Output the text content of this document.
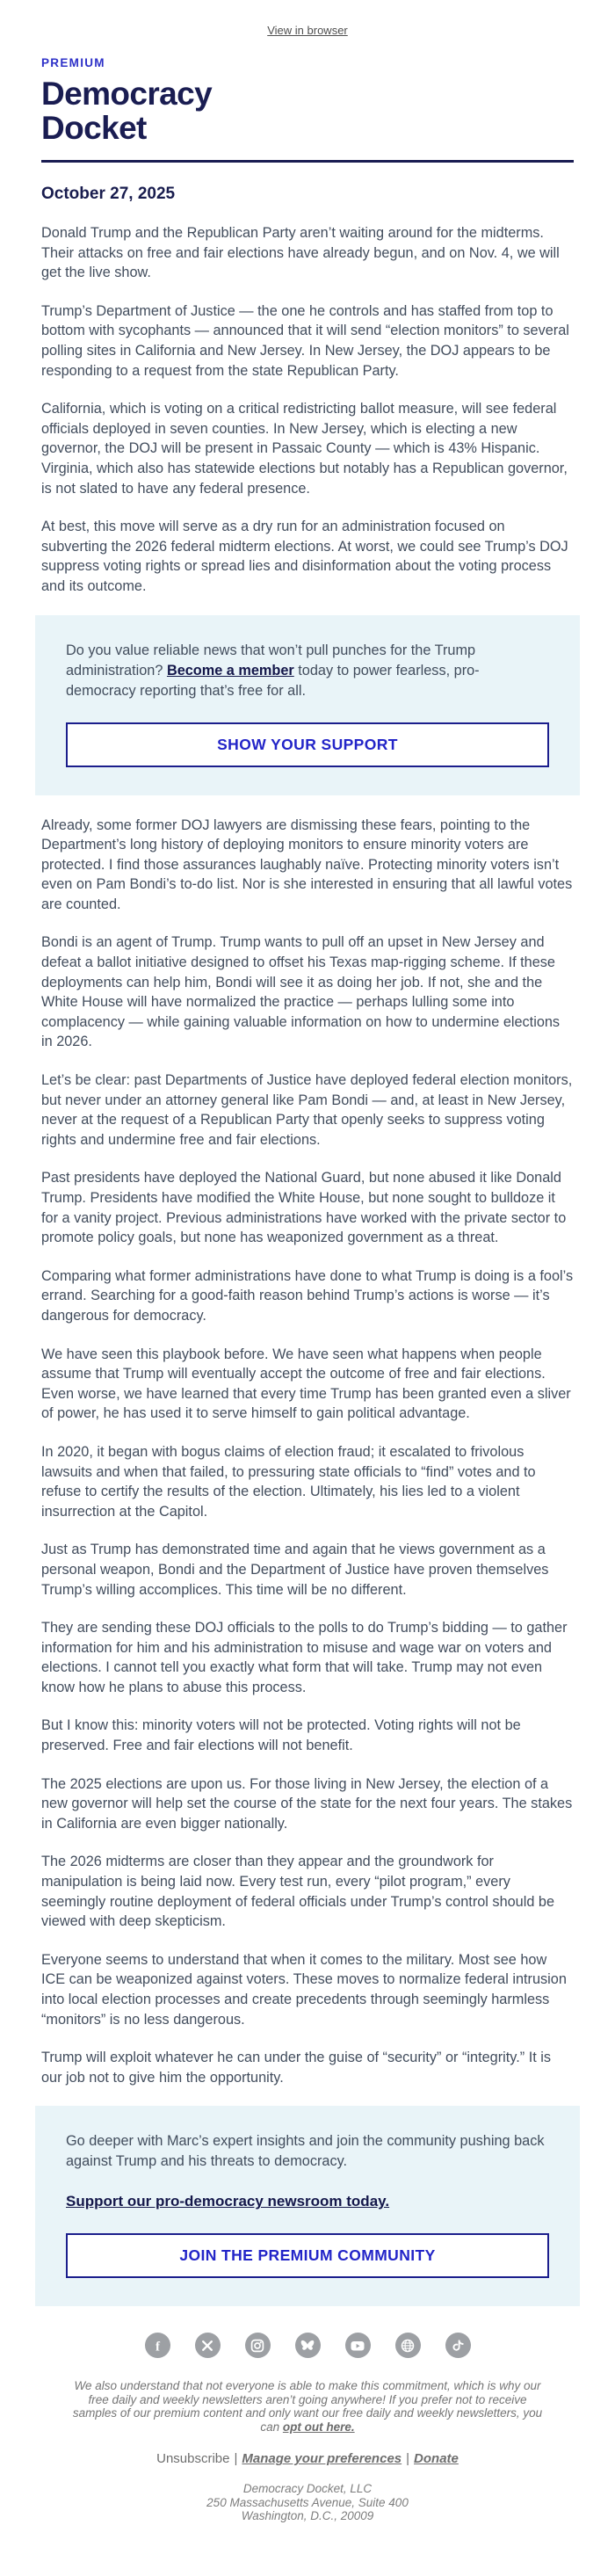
View in browser
PREMIUM
Democracy
Docket
October 27, 2025

Donald Trump and the Republican Party aren’t waiting around for the midterms. Their attacks on free and fair elections have already begun, and on Nov. 4, we will get the live show.

Trump’s Department of Justice — the one he controls and has staffed from top to bottom with sycophants — announced that it will send “election monitors” to several polling sites in California and New Jersey. In New Jersey, the DOJ appears to be responding to a request from the state Republican Party.

California, which is voting on a critical redistricting ballot measure, will see federal officials deployed in seven counties. In New Jersey, which is electing a new governor, the DOJ will be present in Passaic County — which is 43% Hispanic. Virginia, which also has statewide elections but notably has a Republican governor, is not slated to have any federal presence.

At best, this move will serve as a dry run for an administration focused on subverting the 2026 federal midterm elections. At worst, we could see Trump’s DOJ suppress voting rights or spread lies and disinformation about the voting process and its outcome.

Do you value reliable news that won’t pull punches for the Trump administration? Become a member today to power fearless, pro-democracy reporting that’s free for all.

SHOW YOUR SUPPORT

Already, some former DOJ lawyers are dismissing these fears, pointing to the Department’s long history of deploying monitors to ensure minority voters are protected. I find those assurances laughably naïve. Protecting minority voters isn’t even on Pam Bondi’s to-do list. Nor is she interested in ensuring that all lawful votes are counted.

Bondi is an agent of Trump. Trump wants to pull off an upset in New Jersey and defeat a ballot initiative designed to offset his Texas map-rigging scheme. If these deployments can help him, Bondi will see it as doing her job. If not, she and the White House will have normalized the practice — perhaps lulling some into complacency — while gaining valuable information on how to undermine elections in 2026.

Let’s be clear: past Departments of Justice have deployed federal election monitors, but never under an attorney general like Pam Bondi — and, at least in New Jersey, never at the request of a Republican Party that openly seeks to suppress voting rights and undermine free and fair elections.

Past presidents have deployed the National Guard, but none abused it like Donald Trump. Presidents have modified the White House, but none sought to bulldoze it for a vanity project. Previous administrations have worked with the private sector to promote policy goals, but none has weaponized government as a threat.

Comparing what former administrations have done to what Trump is doing is a fool’s errand. Searching for a good-faith reason behind Trump’s actions is worse — it’s dangerous for democracy.

We have seen this playbook before. We have seen what happens when people assume that Trump will eventually accept the outcome of free and fair elections. Even worse, we have learned that every time Trump has been granted even a sliver of power, he has used it to serve himself to gain political advantage.

In 2020, it began with bogus claims of election fraud; it escalated to frivolous lawsuits and when that failed, to pressuring state officials to “find” votes and to refuse to certify the results of the election. Ultimately, his lies led to a violent insurrection at the Capitol.

Just as Trump has demonstrated time and again that he views government as a personal weapon, Bondi and the Department of Justice have proven themselves Trump’s willing accomplices. This time will be no different.

They are sending these DOJ officials to the polls to do Trump’s bidding — to gather information for him and his administration to misuse and wage war on voters and elections. I cannot tell you exactly what form that will take. Trump may not even know how he plans to abuse this process.

But I know this: minority voters will not be protected. Voting rights will not be preserved. Free and fair elections will not benefit.

The 2025 elections are upon us. For those living in New Jersey, the election of a new governor will help set the course of the state for the next four years. The stakes in California are even bigger nationally.

The 2026 midterms are closer than they appear and the groundwork for manipulation is being laid now. Every test run, every “pilot program,” every seemingly routine deployment of federal officials under Trump’s control should be viewed with deep skepticism.

Everyone seems to understand that when it comes to the military. Most see how ICE can be weaponized against voters. These moves to normalize federal intrusion into local election processes and create precedents through seemingly harmless “monitors” is no less dangerous.

Trump will exploit whatever he can under the guise of “security” or “integrity.” It is our job not to give him the opportunity.

Go deeper with Marc’s expert insights and join the community pushing back against Trump and his threats to democracy.

Support our pro-democracy newsroom today.
JOIN THE PREMIUM COMMUNITY
f

We also understand that not everyone is able to make this commitment, which is why our free daily and weekly newsletters aren’t going anywhere! If you prefer not to receive samples of our premium content and only want our free daily and weekly newsletters, you can opt out here.

Unsubscribe | Manage your preferences | Donate
Democracy Docket, LLC
250 Massachusetts Avenue, Suite 400
Washington, D.C., 20009
